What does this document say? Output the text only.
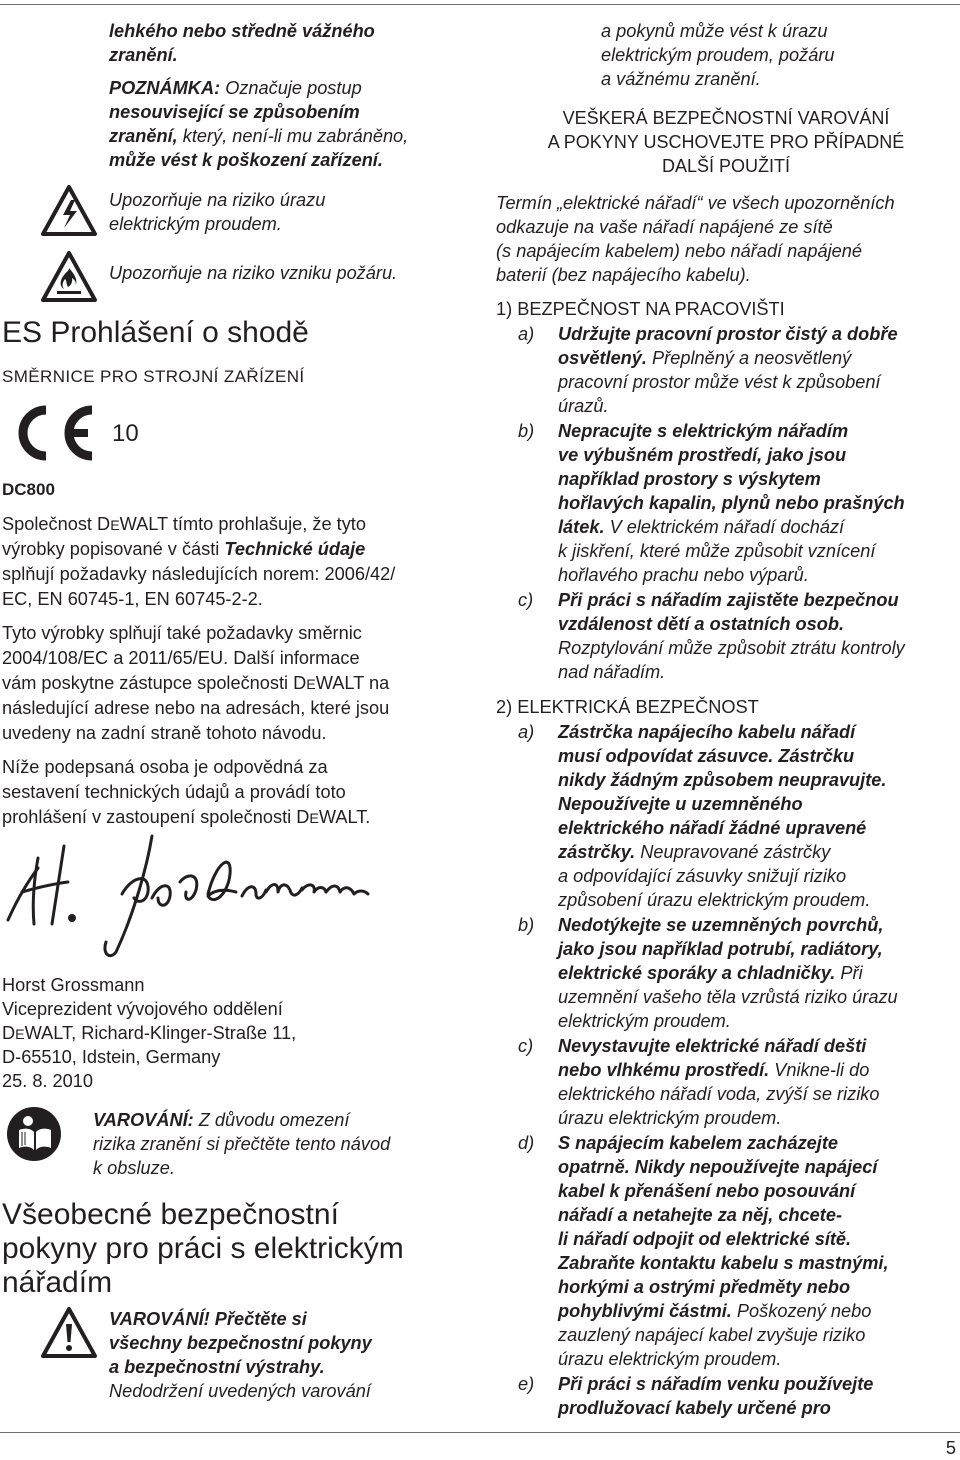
lehkého nebo středně vážného
zranění.
POZNÁMKA: Označuje postup
nesouvisející se způsobením
zranění, který, není-li mu zabráněno,
může vést k poškození zařízení.
Upozorňuje na riziko úrazu
elektrickým proudem.
Upozorňuje na riziko vzniku požáru.
ES Prohlášení o shodě
SMĚRNICE PRO STROJNÍ ZAŘÍZENÍ
10
DC800
Společnost DEWALT tímto prohlašuje, že tyto
výrobky popisované v části Technické údaje
splňují požadavky následujících norem: 2006/42/
EC, EN 60745-1, EN 60745-2-2.
Tyto výrobky splňují také požadavky směrnic
2004/108/EC a 2011/65/EU. Další informace
vám poskytne zástupce společnosti DEWALT na
následující adrese nebo na adresách, které jsou
uvedeny na zadní straně tohoto návodu.
Níže podepsaná osoba je odpovědná za
sestavení technických údajů a provádí toto
prohlášení v zastoupení společnosti DEWALT.
Horst Grossmann
Viceprezident vývojového oddělení
DEWALT, Richard-Klinger-Straße 11,
D-65510, Idstein, Germany
25. 8. 2010
VAROVÁNÍ: Z důvodu omezení
rizika zranění si přečtěte tento návod
k obsluze.
Všeobecné bezpečnostní
pokyny pro práci s elektrickým
nářadím
VAROVÁNÍ! Přečtěte si
všechny bezpečnostní pokyny
a bezpečnostní výstrahy.
Nedodržení uvedených varování
a pokynů může vést k úrazu
elektrickým proudem, požáru
a vážnému zranění.
VEŠKERÁ BEZPEČNOSTNÍ VAROVÁNÍ
A POKYNY USCHOVEJTE PRO PŘÍPADNÉ
DALŠÍ POUŽITÍ
Termín „elektrické nářadí“ ve všech upozorněních
odkazuje na vaše nářadí napájené ze sítě
(s napájecím kabelem) nebo nářadí napájené
baterií (bez napájecího kabelu).
1) BEZPEČNOST NA PRACOVIŠTI
a) Udržujte pracovní prostor čistý a dobře
osvětlený. Přeplněný a neosvětlený
pracovní prostor může vést k způsobení
úrazů.
b) Nepracujte s elektrickým nářadím
ve výbušném prostředí, jako jsou
například prostory s výskytem
hořlavých kapalin, plynů nebo prašných
látek. V elektrickém nářadí dochází
k jiskření, které může způsobit vznícení
hořlavého prachu nebo výparů.
c) Při práci s nářadím zajistěte bezpečnou
vzdálenost dětí a ostatních osob.
Rozptylování může způsobit ztrátu kontroly
nad nářadím.
2) ELEKTRICKÁ BEZPEČNOST
a) Zástrčka napájecího kabelu nářadí
musí odpovídat zásuvce. Zástrčku
nikdy žádným způsobem neupravujte.
Nepoužívejte u uzemněného
elektrického nářadí žádné upravené
zástrčky. Neupravované zástrčky
a odpovídající zásuvky snižují riziko
způsobení úrazu elektrickým proudem.
b) Nedotýkejte se uzemněných povrchů,
jako jsou například potrubí, radiátory,
elektrické sporáky a chladničky. Při
uzemnění vašeho těla vzrůstá riziko úrazu
elektrickým proudem.
c) Nevystavujte elektrické nářadí dešti
nebo vlhkému prostředí. Vnikne-li do
elektrického nářadí voda, zvýší se riziko
úrazu elektrickým proudem.
d) S napájecím kabelem zacházejte
opatrně. Nikdy nepoužívejte napájecí
kabel k přenášení nebo posouvání
nářadí a netahejte za něj, chcete-
li nářadí odpojit od elektrické sítě.
Zabraňte kontaktu kabelu s mastnými,
horkými a ostrými předměty nebo
pohyblivými částmi. Poškozený nebo
zauzlený napájecí kabel zvyšuje riziko
úrazu elektrickým proudem.
e) Při práci s nářadím venku používejte
prodlužovací kabely určené pro
5
